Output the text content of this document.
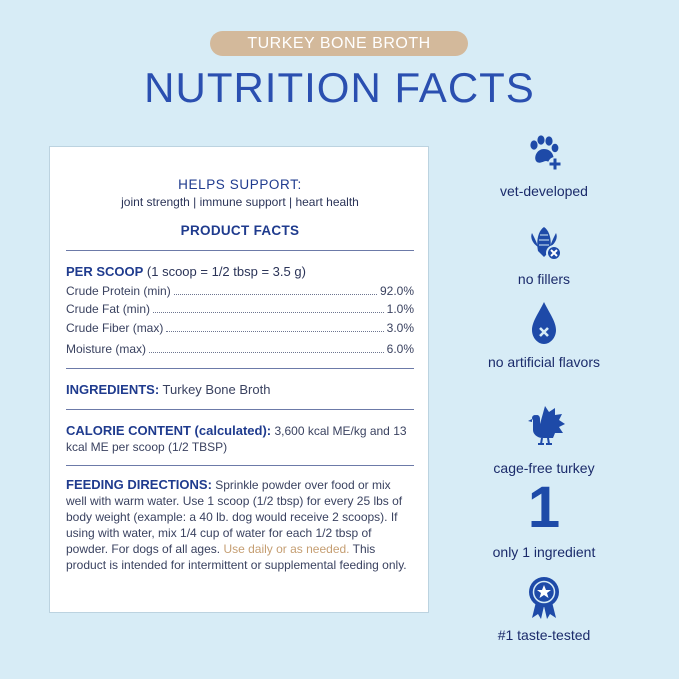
TURKEY BONE BROTH
NUTRITION FACTS
HELPS SUPPORT:
joint strength | immune support | heart health
PRODUCT FACTS
PER SCOOP (1 scoop = 1/2 tbsp = 3.5 g)
Crude Protein (min)	92.0%
Crude Fat (min)	1.0%
Crude Fiber (max)	3.0%
Moisture (max)	6.0%
INGREDIENTS: Turkey Bone Broth
CALORIE CONTENT (calculated): 3,600 kcal ME/kg and 13 kcal ME per scoop (1/2 TBSP)
FEEDING DIRECTIONS: Sprinkle powder over food or mix well with warm water. Use 1 scoop (1/2 tbsp) for every 25 lbs of body weight (example: a 40 lb. dog would receive 2 scoops). If using with water, mix 1/4 cup of water for each 1/2 tbsp of powder. For dogs of all ages. Use daily or as needed. This product is intended for intermittent or supplemental feeding only.
vet-developed
no fillers
no artificial flavors
cage-free turkey
1
only 1 ingredient
#1 taste-tested
